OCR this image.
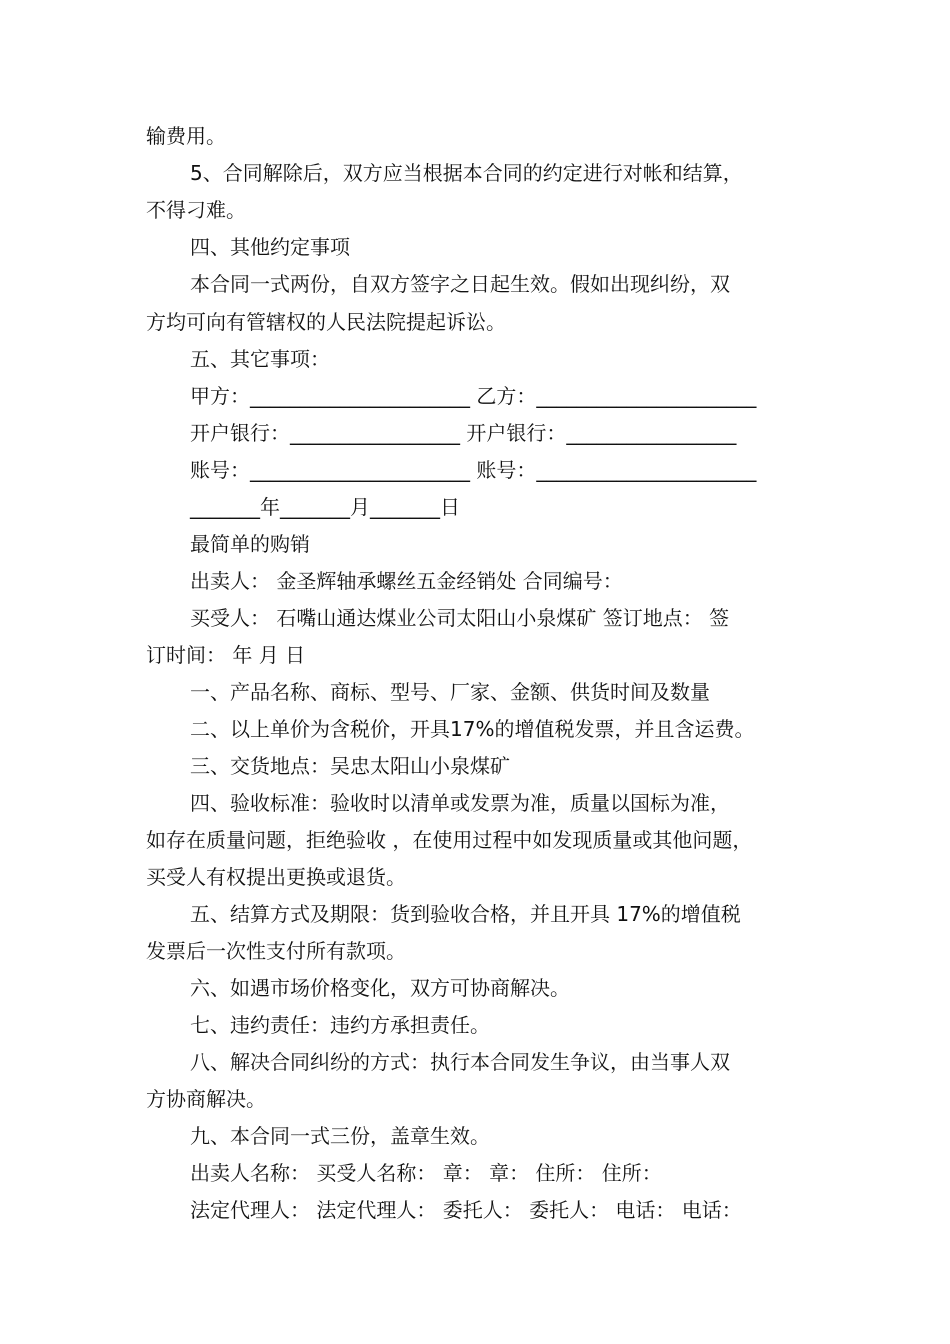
输费用。
5、合同解除后，双方应当根据本合同的约定进行对帐和结算，
不得刁难。
四、其他约定事项
本合同一式两份，自双方签字之日起生效。假如出现纠纷，双
方均可向有管辖权的人民法院提起诉讼。
五、其它事项：
甲方：______________________ 乙方：______________________
开户银行：_________________ 开户银行：_________________
账号：______________________ 账号：______________________
_______年_______月_______日
最简单的购销
出卖人： 金圣辉轴承螺丝五金经销处 合同编号：
买受人： 石嘴山通达煤业公司太阳山小泉煤矿 签订地点： 签
订时间： 年 月 日
一、产品名称、商标、型号、厂家、金额、供货时间及数量
二、以上单价为含税价，开具17%的增值税发票，并且含运费。
三、交货地点：吴忠太阳山小泉煤矿
四、验收标准：验收时以清单或发票为准，质量以国标为准，
如存在质量问题，拒绝验收 ，在使用过程中如发现质量或其他问题，
买受人有权提出更换或退货。
五、结算方式及期限：货到验收合格，并且开具 17%的增值税
发票后一次性支付所有款项。
六、如遇市场价格变化，双方可协商解决。
七、违约责任：违约方承担责任。
八、解决合同纠纷的方式：执行本合同发生争议，由当事人双
方协商解决。
九、本合同一式三份，盖章生效。
出卖人名称： 买受人名称： 章： 章： 住所： 住所：
法定代理人： 法定代理人： 委托人： 委托人： 电话： 电话：
